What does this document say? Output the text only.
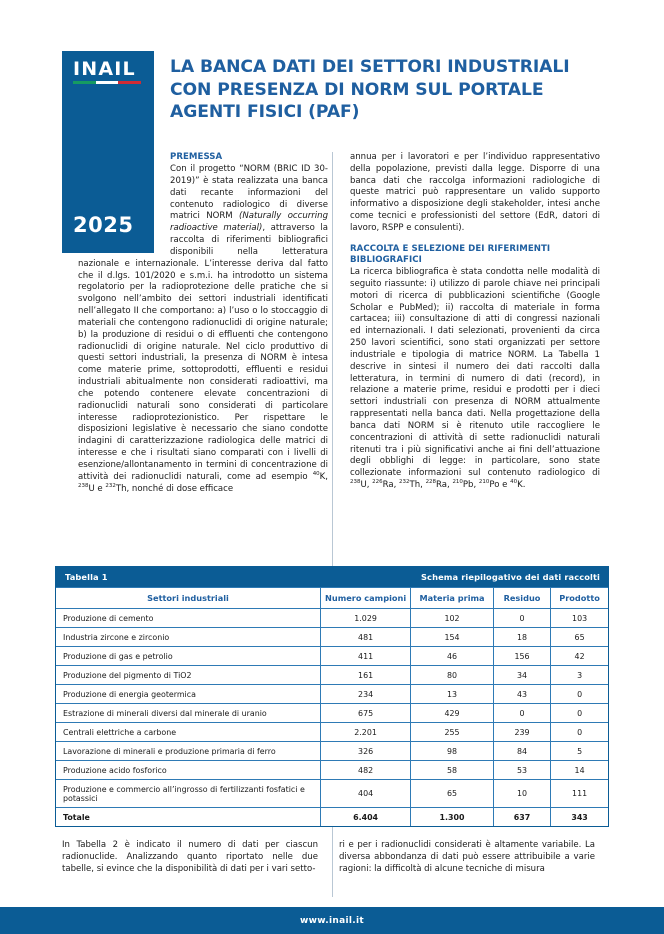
INAIL
2025
LA BANCA DATI DEI SETTORI INDUSTRIALI CON PRESENZA DI NORM SUL PORTALE AGENTI FISICI (PAF)
PREMESSA

Con il progetto “NORM (BRIC ID 30-2019)” è stata realizzata una banca dati recante informazioni del contenuto radiologico di diverse matrici NORM (Naturally occurring radioactive material), attraverso la raccolta di riferimenti bibliografici disponibili nella letteratura nazionale e internazionale. L’interesse deriva dal fatto che il d.lgs. 101/2020 e s.m.i. ha introdotto un sistema regolatorio per la radioprotezione delle pratiche che si svolgono nell’ambito dei settori industriali identificati nell’allegato II che comportano: a) l’uso o lo stoccaggio di materiali che contengono radionuclidi di origine naturale; b) la produzione di residui o di effluenti che contengono radionuclidi di origine naturale. Nel ciclo produttivo di questi settori industriali, la presenza di NORM è intesa come materie prime, sottoprodotti, effluenti e residui industriali abitualmente non considerati radioattivi, ma che potendo contenere elevate concentrazioni di radionuclidi naturali sono considerati di particolare interesse radioprotezionistico. Per rispettare le disposizioni legislative è necessario che siano condotte indagini di caratterizzazione radiologica delle matrici di interesse e che i risultati siano comparati con i livelli di esenzione/allontanamento in termini di concentrazione di attività dei radionuclidi naturali, come ad esempio $^{40}$K, $^{238}$U e $^{232}$Th, nonché di dose efficace

annua per i lavoratori e per l’individuo rappresentativo della popolazione, previsti dalla legge. Disporre di una banca dati che raccolga informazioni radiologiche di queste matrici può rappresentare un valido supporto informativo a disposizione degli stakeholder, intesi anche come tecnici e professionisti del settore (EdR, datori di lavoro, RSPP e consulenti).

RACCOLTA E SELEZIONE DEI RIFERIMENTI BIBLIOGRAFICI

La ricerca bibliografica è stata condotta nelle modalità di seguito riassunte: i) utilizzo di parole chiave nei principali motori di ricerca di pubblicazioni scientifiche (Google Scholar e PubMed); ii) raccolta di materiale in forma cartacea; iii) consultazione di atti di congressi nazionali ed internazionali. I dati selezionati, provenienti da circa 250 lavori scientifici, sono stati organizzati per settore industriale e tipologia di matrice NORM. La Tabella 1 descrive in sintesi il numero dei dati raccolti dalla letteratura, in termini di numero di dati (record), in relazione a materie prime, residui e prodotti per i dieci settori industriali con presenza di NORM attualmente rappresentati nella banca dati. Nella progettazione della banca dati NORM si è ritenuto utile raccogliere le concentrazioni di attività di sette radionuclidi naturali ritenuti tra i più significativi anche ai fini dell’attuazione degli obblighi di legge: in particolare, sono state collezionate informazioni sul contenuto radiologico di $^{238}$U, $^{226}$Ra, $^{232}$Th, $^{228}$Ra, $^{210}$Pb, $^{210}$Po e $^{40}$K.

Tabella 1	Schema riepilogativo dei dati raccolti
Settori industriali	Numero campioni	Materia prima	Residuo	Prodotto
Produzione di cemento	1.029	102	0	103
Industria zircone e zirconio	481	154	18	65
Produzione di gas e petrolio	411	46	156	42
Produzione del pigmento di TiO2	161	80	34	3
Produzione di energia geotermica	234	13	43	0
Estrazione di minerali diversi dal minerale di uranio	675	429	0	0
Centrali elettriche a carbone	2.201	255	239	0
Lavorazione di minerali e produzione primaria di ferro	326	98	84	5
Produzione acido fosforico	482	58	53	14
Produzione e commercio all’ingrosso di fertilizzanti fosfatici e potassici	404	65	10	111
Totale	6.404	1.300	637	343

In Tabella 2 è indicato il numero di dati per ciascun radionuclide. Analizzando quanto riportato nelle due tabelle, si evince che la disponibilità di dati per i vari setto-

ri e per i radionuclidi considerati è altamente variabile. La diversa abbondanza di dati può essere attribuibile a varie ragioni: la difficoltà di alcune tecniche di misura

www.inail.it
